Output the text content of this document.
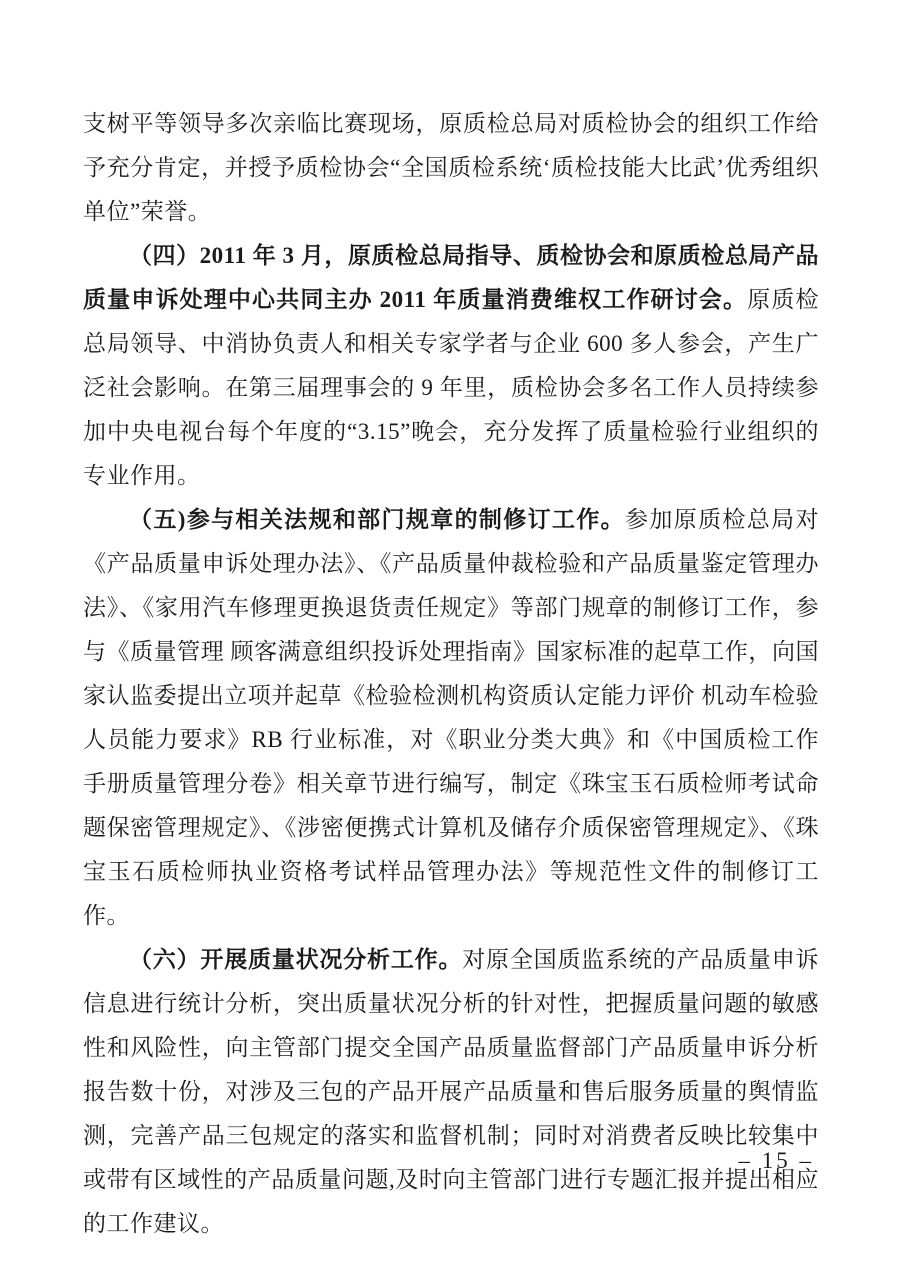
支树平等领导多次亲临比赛现场，原质检总局对质检协会的组织工作给予充分肯定，并授予质检协会“全国质检系统‘质检技能大比武’优秀组织单位”荣誉。

（四）2011 年 3 月，原质检总局指导、质检协会和原质检总局产品质量申诉处理中心共同主办 2011 年质量消费维权工作研讨会。原质检总局领导、中消协负责人和相关专家学者与企业 600 多人参会，产生广泛社会影响。在第三届理事会的 9 年里，质检协会多名工作人员持续参加中央电视台每个年度的“3.15”晚会，充分发挥了质量检验行业组织的专业作用。

（五)参与相关法规和部门规章的制修订工作。参加原质检总局对《产品质量申诉处理办法》、《产品质量仲裁检验和产品质量鉴定管理办法》、《家用汽车修理更换退货责任规定》等部门规章的制修订工作，参与《质量管理 顾客满意组织投诉处理指南》国家标准的起草工作，向国家认监委提出立项并起草《检验检测机构资质认定能力评价 机动车检验人员能力要求》RB 行业标准，对《职业分类大典》和《中国质检工作手册质量管理分卷》相关章节进行编写，制定《珠宝玉石质检师考试命题保密管理规定》、《涉密便携式计算机及储存介质保密管理规定》、《珠宝玉石质检师执业资格考试样品管理办法》等规范性文件的制修订工作。

（六）开展质量状况分析工作。对原全国质监系统的产品质量申诉信息进行统计分析，突出质量状况分析的针对性，把握质量问题的敏感性和风险性，向主管部门提交全国产品质量监督部门产品质量申诉分析报告数十份，对涉及三包的产品开展产品质量和售后服务质量的舆情监测，完善产品三包规定的落实和监督机制；同时对消费者反映比较集中或带有区域性的产品质量问题,及时向主管部门进行专题汇报并提出相应的工作建议。

– 15 –
